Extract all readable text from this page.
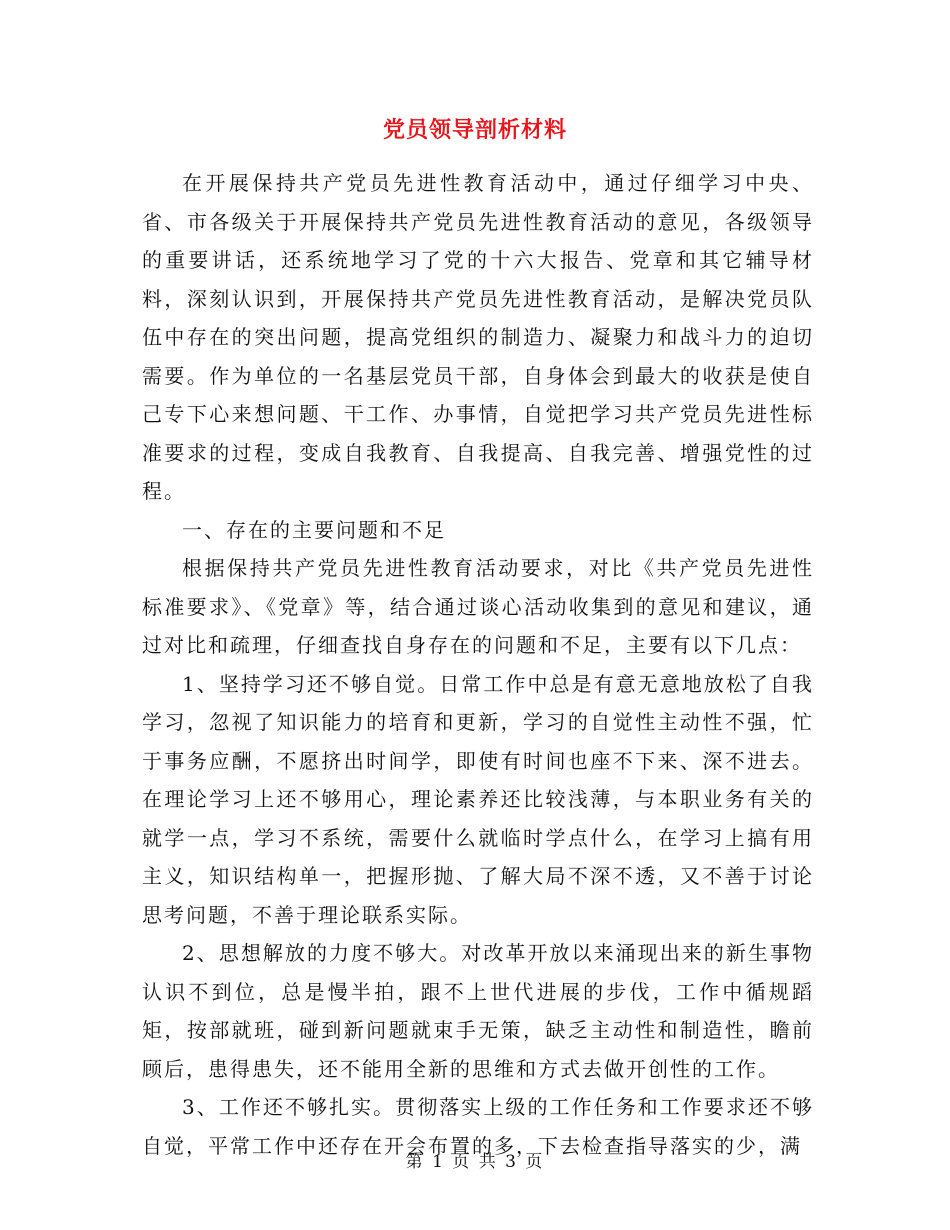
党员领导剖析材料

在开展保持共产党员先进性教育活动中，通过仔细学习中央、省、市各级关于开展保持共产党员先进性教育活动的意见，各级领导的重要讲话，还系统地学习了党的十六大报告、党章和其它辅导材料，深刻认识到，开展保持共产党员先进性教育活动，是解决党员队伍中存在的突出问题，提高党组织的制造力、凝聚力和战斗力的迫切需要。作为单位的一名基层党员干部，自身体会到最大的收获是使自己专下心来想问题、干工作、办事情，自觉把学习共产党员先进性标准要求的过程，变成自我教育、自我提高、自我完善、增强党性的过程。

一、存在的主要问题和不足

根据保持共产党员先进性教育活动要求，对比《共产党员先进性标准要求》、《党章》等，结合通过谈心活动收集到的意见和建议，通过对比和疏理，仔细查找自身存在的问题和不足，主要有以下几点：

1、坚持学习还不够自觉。日常工作中总是有意无意地放松了自我学习，忽视了知识能力的培育和更新，学习的自觉性主动性不强，忙于事务应酬，不愿挤出时间学，即使有时间也座不下来、深不进去。在理论学习上还不够用心，理论素养还比较浅薄，与本职业务有关的就学一点，学习不系统，需要什么就临时学点什么，在学习上搞有用主义，知识结构单一，把握形抛、了解大局不深不透，又不善于讨论思考问题，不善于理论联系实际。

2、思想解放的力度不够大。对改革开放以来涌现出来的新生事物认识不到位，总是慢半拍，跟不上世代进展的步伐，工作中循规蹈矩，按部就班，碰到新问题就束手无策，缺乏主动性和制造性，瞻前顾后，患得患失，还不能用全新的思维和方式去做开创性的工作。

3、工作还不够扎实。贯彻落实上级的工作任务和工作要求还不够自觉，平常工作中还存在开会布置的多，下去检查指导落实的少，满

第 1 页 共 3 页
